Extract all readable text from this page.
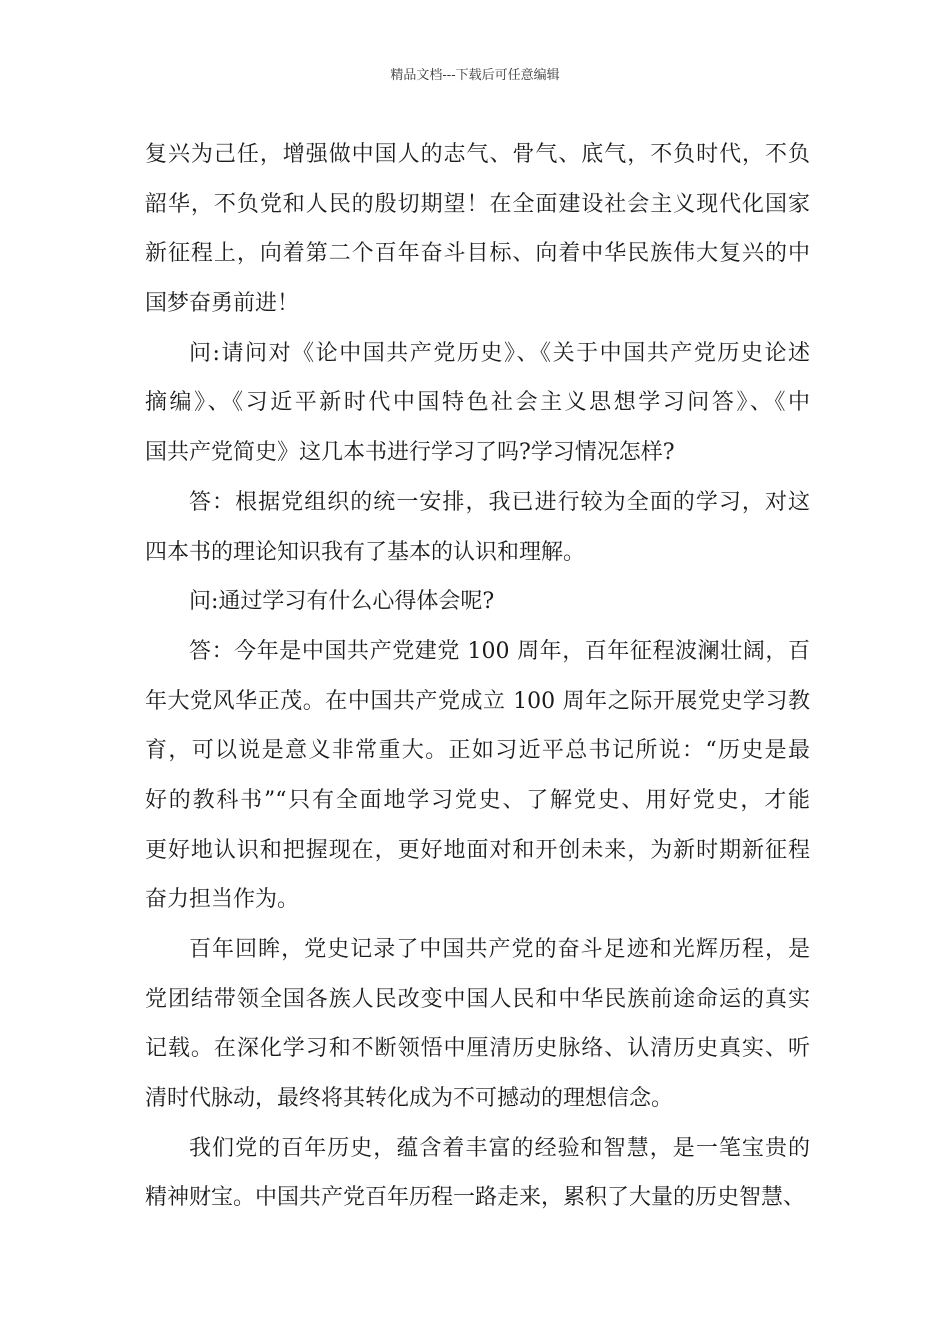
精品文档---下载后可任意编辑
复兴为己任，增强做中国人的志气、骨气、底气，不负时代，不负
韶华，不负党和人民的殷切期望！在全面建设社会主义现代化国家
新征程上，向着第二个百年奋斗目标、向着中华民族伟大复兴的中
国梦奋勇前进！
问:请问对《论中国共产党历史》、《关于中国共产党历史论述
摘编》、《习近平新时代中国特色社会主义思想学习问答》、《中
国共产党简史》这几本书进行学习了吗?学习情况怎样?
答：根据党组织的统一安排，我已进行较为全面的学习，对这
四本书的理论知识我有了基本的认识和理解。
问:通过学习有什么心得体会呢?
答：今年是中国共产党建党 100 周年，百年征程波澜壮阔，百
年大党风华正茂。在中国共产党成立 100 周年之际开展党史学习教
育，可以说是意义非常重大。正如习近平总书记所说：“历史是最
好的教科书”“只有全面地学习党史、了解党史、用好党史，才能
更好地认识和把握现在，更好地面对和开创未来，为新时期新征程
奋力担当作为。
百年回眸，党史记录了中国共产党的奋斗足迹和光辉历程，是
党团结带领全国各族人民改变中国人民和中华民族前途命运的真实
记载。在深化学习和不断领悟中厘清历史脉络、认清历史真实、听
清时代脉动，最终将其转化成为不可撼动的理想信念。
我们党的百年历史，蕴含着丰富的经验和智慧，是一笔宝贵的
精神财宝。中国共产党百年历程一路走来，累积了大量的历史智慧、
